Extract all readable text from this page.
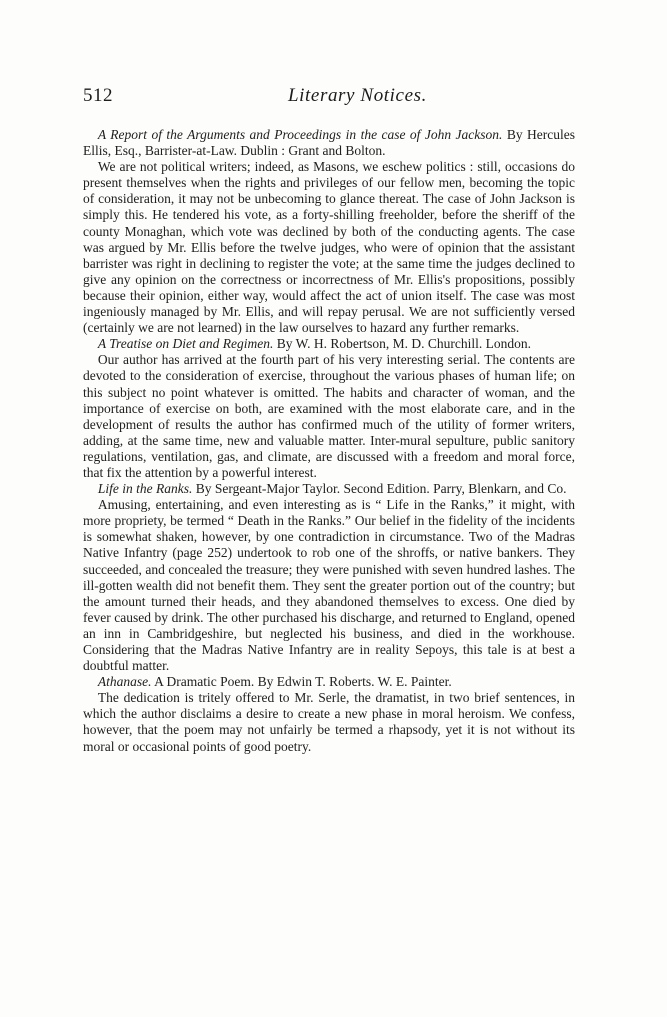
512	Literary Notices.

A Report of the Arguments and Proceedings in the case of John Jackson. By Hercules Ellis, Esq., Barrister-at-Law. Dublin : Grant and Bolton.

We are not political writers; indeed, as Masons, we eschew politics : still, occasions do present themselves when the rights and privileges of our fellow men, becoming the topic of consideration, it may not be unbecoming to glance thereat. The case of John Jackson is simply this. He tendered his vote, as a forty-shilling freeholder, before the sheriff of the county Monaghan, which vote was declined by both of the conducting agents. The case was argued by Mr. Ellis before the twelve judges, who were of opinion that the assistant barrister was right in declining to register the vote; at the same time the judges declined to give any opinion on the correctness or incorrectness of Mr. Ellis's propositions, possibly because their opinion, either way, would affect the act of union itself. The case was most ingeniously managed by Mr. Ellis, and will repay perusal. We are not sufficiently versed (certainly we are not learned) in the law ourselves to hazard any further remarks.

A Treatise on Diet and Regimen. By W. H. Robertson, M. D. Churchill. London.

Our author has arrived at the fourth part of his very interesting serial. The contents are devoted to the consideration of exercise, throughout the various phases of human life; on this subject no point whatever is omitted. The habits and character of woman, and the importance of exercise on both, are examined with the most elaborate care, and in the development of results the author has confirmed much of the utility of former writers, adding, at the same time, new and valuable matter. Inter-mural sepulture, public sanitory regulations, ventilation, gas, and climate, are discussed with a freedom and moral force, that fix the attention by a powerful interest.

Life in the Ranks. By Sergeant-Major Taylor. Second Edition. Parry, Blenkarn, and Co.

Amusing, entertaining, and even interesting as is “ Life in the Ranks,” it might, with more propriety, be termed “ Death in the Ranks.” Our belief in the fidelity of the incidents is somewhat shaken, however, by one contradiction in circumstance. Two of the Madras Native Infantry (page 252) undertook to rob one of the shroffs, or native bankers. They succeeded, and concealed the treasure; they were punished with seven hundred lashes. The ill-gotten wealth did not benefit them. They sent the greater portion out of the country; but the amount turned their heads, and they abandoned themselves to excess. One died by fever caused by drink. The other purchased his discharge, and returned to England, opened an inn in Cambridgeshire, but neglected his business, and died in the workhouse. Considering that the Madras Native Infantry are in reality Sepoys, this tale is at best a doubtful matter.

Athanase. A Dramatic Poem. By Edwin T. Roberts. W. E. Painter.

The dedication is tritely offered to Mr. Serle, the dramatist, in two brief sentences, in which the author disclaims a desire to create a new phase in moral heroism. We confess, however, that the poem may not unfairly be termed a rhapsody, yet it is not without its moral or occasional points of good poetry.
